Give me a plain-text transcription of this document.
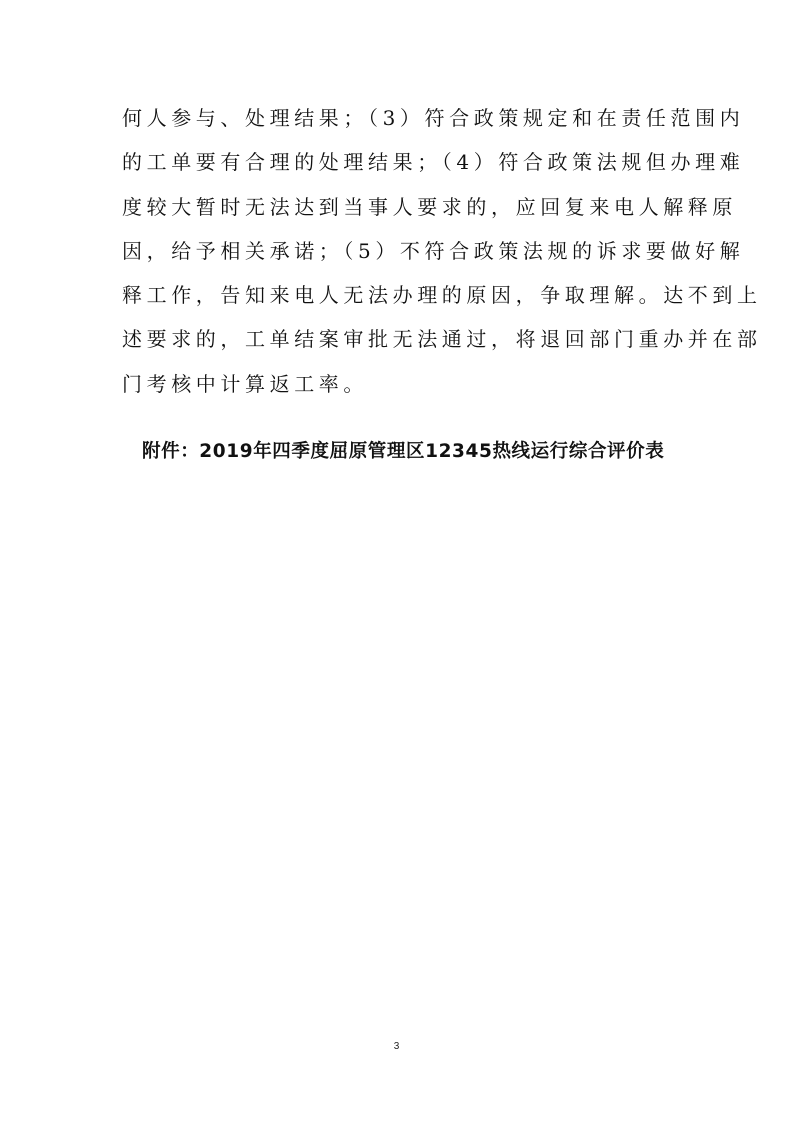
何人参与、处理结果；（3）符合政策规定和在责任范围内
的工单要有合理的处理结果；（4）符合政策法规但办理难
度较大暂时无法达到当事人要求的，应回复来电人解释原
因，给予相关承诺；（5）不符合政策法规的诉求要做好解
释工作，告知来电人无法办理的原因，争取理解。达不到上
述要求的，工单结案审批无法通过，将退回部门重办并在部
门考核中计算返工率。
附件：2019年四季度屈原管理区12345热线运行综合评价表
3
